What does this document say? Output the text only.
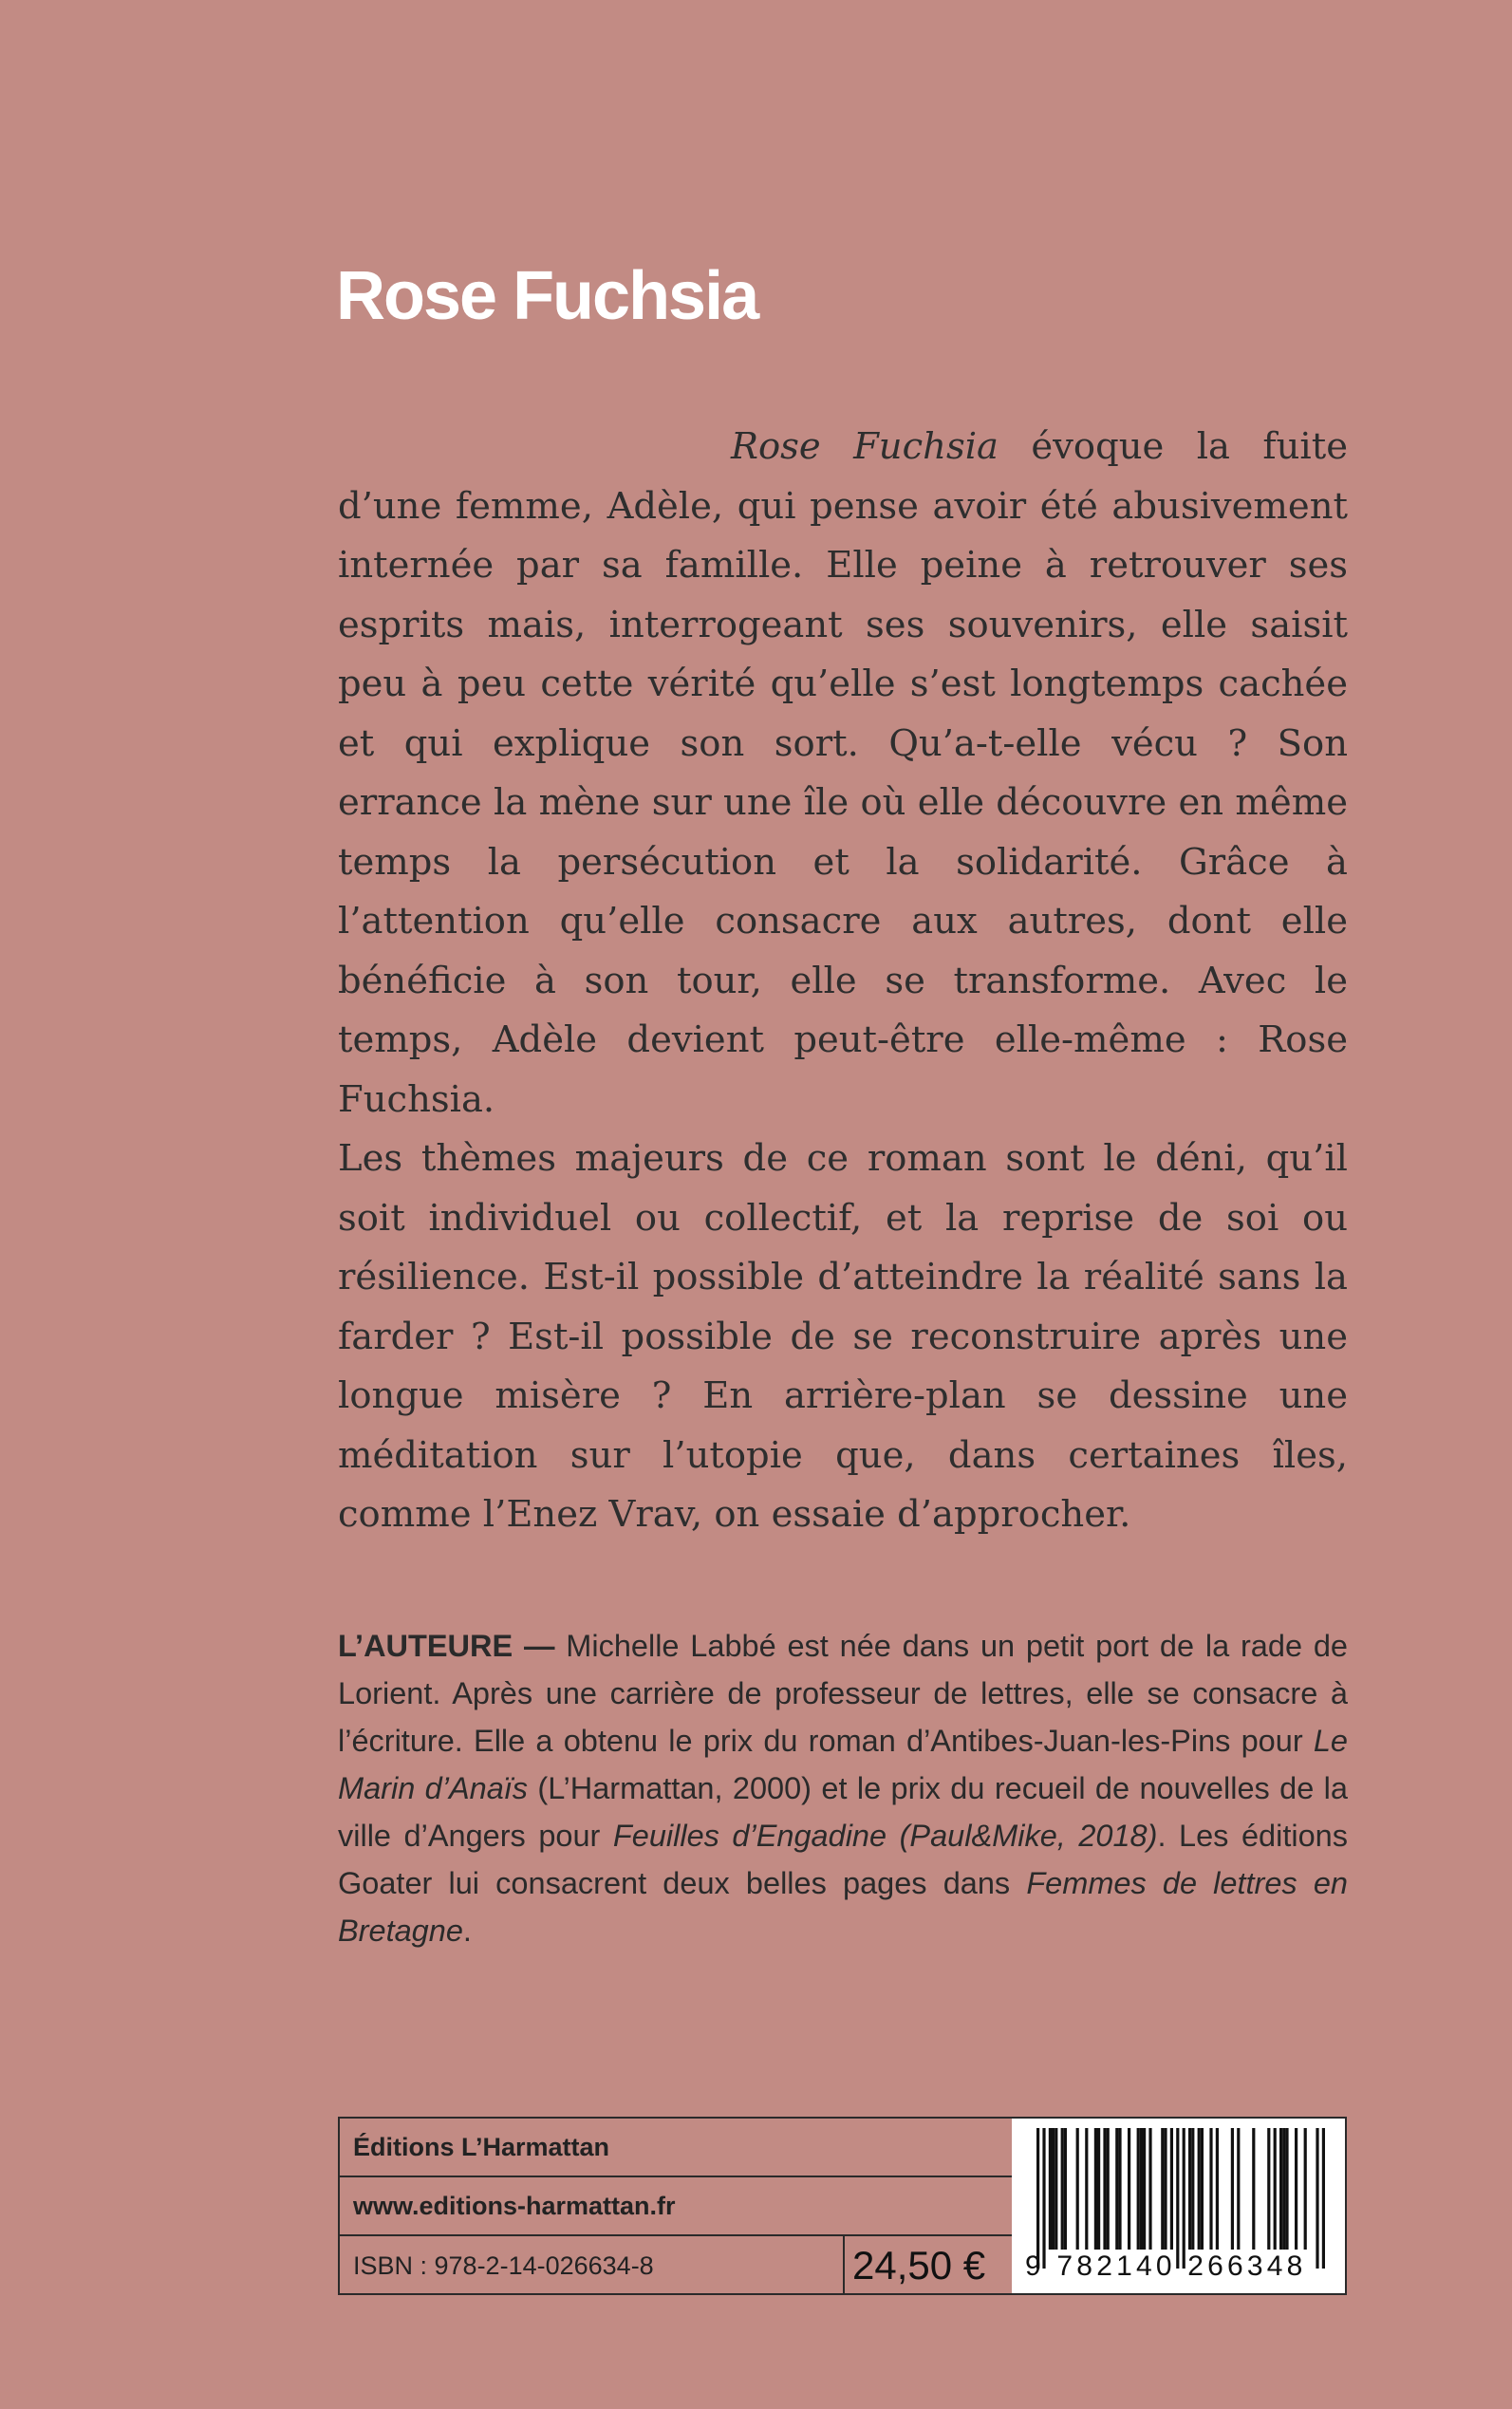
Rose Fuchsia

Rose Fuchsia évoque la fuite d’une femme, Adèle, qui pense avoir été abusivement internée par sa famille. Elle peine à retrouver ses esprits mais, interrogeant ses souvenirs, elle saisit peu à peu cette vérité qu’elle s’est longtemps cachée et qui explique son sort. Qu’a-t-elle vécu ? Son errance la mène sur une île où elle découvre en même temps la persécution et la solidarité. Grâce à l’attention qu’elle consacre aux autres, dont elle bénéficie à son tour, elle se transforme. Avec le temps, Adèle devient peut-être elle-même : Rose Fuchsia.

Les thèmes majeurs de ce roman sont le déni, qu’il soit individuel ou collectif, et la reprise de soi ou résilience. Est-il possible d’atteindre la réalité sans la farder ? Est-il possible de se reconstruire après une longue misère ? En arrière-plan se dessine une méditation sur l’utopie que, dans certaines îles, comme l’Enez Vrav, on essaie d’approcher.

L’AUTEURE — Michelle Labbé est née dans un petit port de la rade de Lorient. Après une carrière de professeur de lettres, elle se consacre à l’écriture. Elle a obtenu le prix du roman d’Antibes-Juan-les-Pins pour Le Marin d’Anaïs (L’Harmattan, 2000) et le prix du recueil de nouvelles de la ville d’Angers pour Feuilles d’Engadine (Paul&Mike, 2018). Les éditions Goater lui consacrent deux belles pages dans Femmes de lettres en Bretagne.

Éditions L’Harmattan
www.editions-harmattan.fr
ISBN : 978-2-14-026634-8	24,50 €	9 782140 266348
